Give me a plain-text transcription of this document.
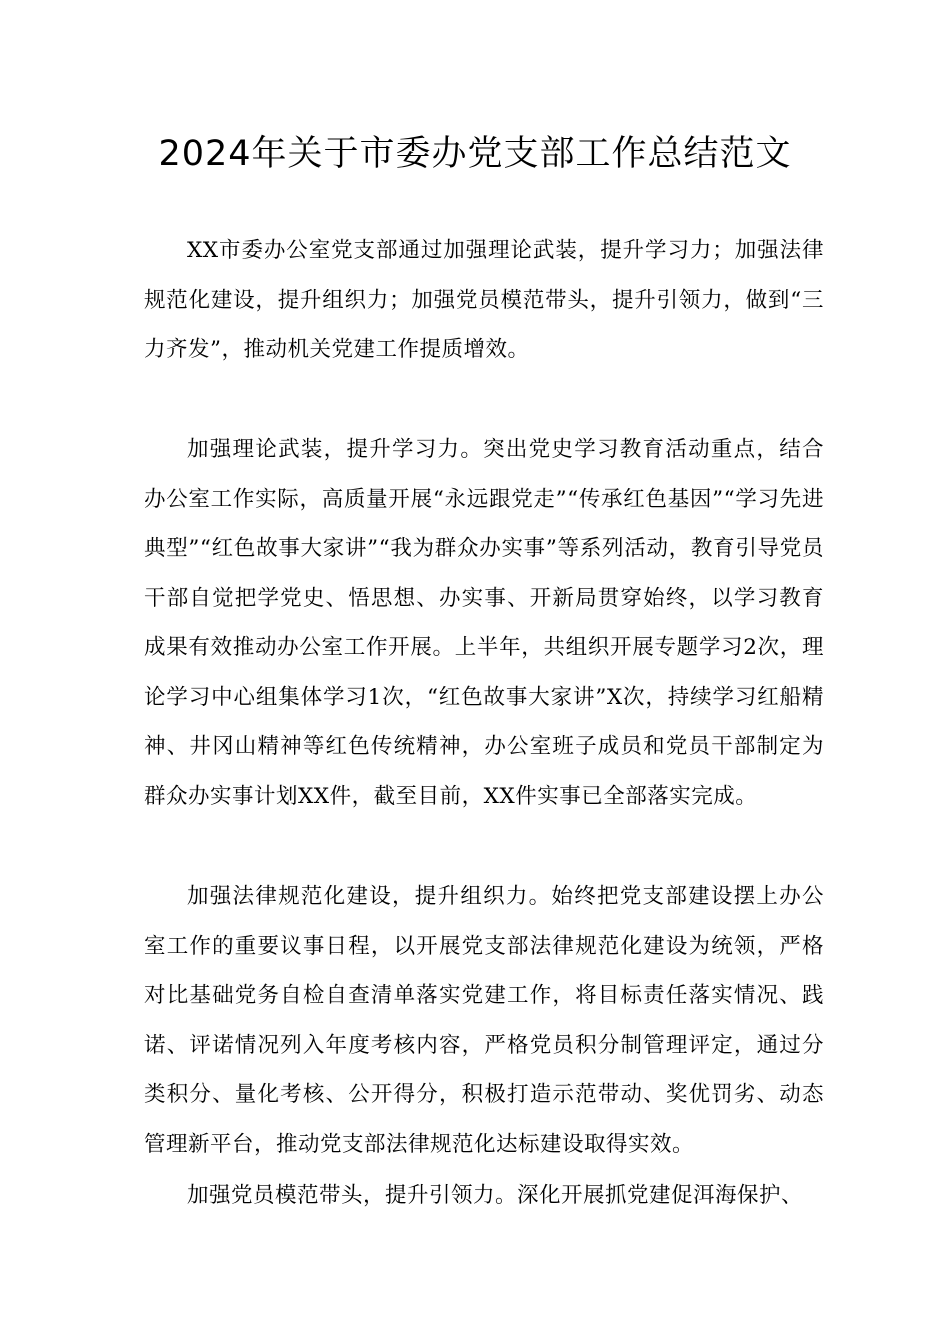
2024年关于市委办党支部工作总结范文

XX市委办公室党支部通过加强理论武装，提升学习力；加强法律规范化建设，提升组织力；加强党员模范带头，提升引领力，做到“三力齐发”，推动机关党建工作提质增效。

加强理论武装，提升学习力。突出党史学习教育活动重点，结合办公室工作实际，高质量开展“永远跟党走”“传承红色基因”“学习先进典型”“红色故事大家讲”“我为群众办实事”等系列活动，教育引导党员干部自觉把学党史、悟思想、办实事、开新局贯穿始终，以学习教育成果有效推动办公室工作开展。上半年，共组织开展专题学习2次，理论学习中心组集体学习1次，“红色故事大家讲”X次，持续学习红船精神、井冈山精神等红色传统精神，办公室班子成员和党员干部制定为群众办实事计划XX件，截至目前，XX件实事已全部落实完成。

加强法律规范化建设，提升组织力。始终把党支部建设摆上办公室工作的重要议事日程，以开展党支部法律规范化建设为统领，严格对比基础党务自检自查清单落实党建工作，将目标责任落实情况、践诺、评诺情况列入年度考核内容，严格党员积分制管理评定，通过分类积分、量化考核、公开得分，积极打造示范带动、奖优罚劣、动态管理新平台，推动党支部法律规范化达标建设取得实效。

加强党员模范带头，提升引领力。深化开展抓党建促洱海保护、
